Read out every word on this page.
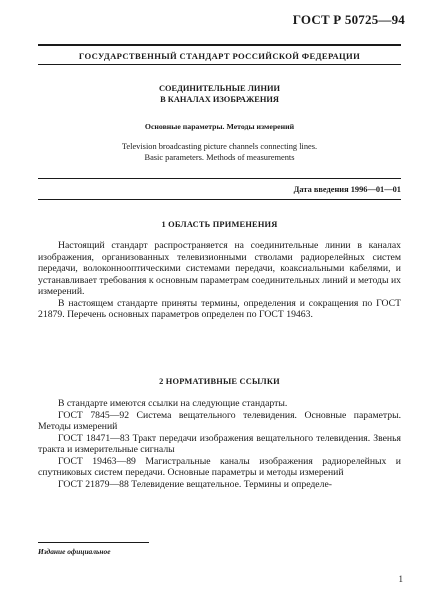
ГОСТ Р 50725—94
ГОСУДАРСТВЕННЫЙ СТАНДАРТ РОССИЙСКОЙ ФЕДЕРАЦИИ
СОЕДИНИТЕЛЬНЫЕ ЛИНИИ
В КАНАЛАХ ИЗОБРАЖЕНИЯ
Основные параметры. Методы измерений
Television broadcasting picture channels connecting lines.
Basic parameters. Methods of measurements
Дата введения 1996—01—01
1 ОБЛАСТЬ ПРИМЕНЕНИЯ

Настоящий стандарт распространяется на соединительные линии в каналах изображения, организованных телевизионными стволами радиорелейных систем передачи, волоконнооптическими системами передачи, коаксиальными кабелями, и устанавливает требования к основным параметрам соединительных линий и методы их измерений.

В настоящем стандарте приняты термины, определения и сокращения по ГОСТ 21879. Перечень основных параметров определен по ГОСТ 19463.

2 НОРМАТИВНЫЕ ССЫЛКИ

В стандарте имеются ссылки на следующие стандарты.

ГОСТ 7845—92 Система вещательного телевидения. Основные параметры. Методы измерений

ГОСТ 18471—83 Тракт передачи изображения вещательного телевидения. Звенья тракта и измерительные сигналы

ГОСТ 19463—89 Магистральные каналы изображения радиорелейных и спутниковых систем передачи. Основные параметры и методы измерений

ГОСТ 21879—88 Телевидение вещательное. Термины и определе-

Издание официальное
1
